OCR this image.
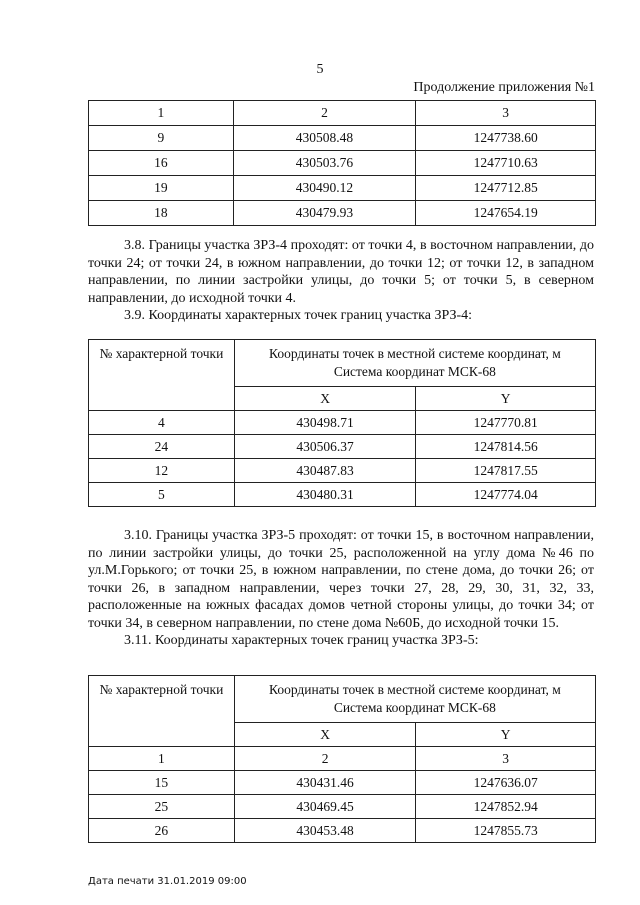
5
Продолжение приложения №1
1	2	3
9	430508.48	1247738.60
16	430503.76	1247710.63
19	430490.12	1247712.85
18	430479.93	1247654.19

3.8. Границы участка ЗРЗ-4 проходят: от точки 4, в восточном направлении, до точки 24; от точки 24, в южном направлении, до точки 12; от точки 12, в западном направлении, по линии застройки улицы, до точки 5; от точки 5, в северном направлении, до исходной точки 4.

3.9. Координаты характерных точек границ участка ЗРЗ-4:

№ характерной точки	Координаты точек в местной системе координат, м
Система координат МСК-68	

	X	Y
4	430498.71	1247770.81
24	430506.37	1247814.56
12	430487.83	1247817.55
5	430480.31	1247774.04

3.10. Границы участка ЗРЗ-5 проходят: от точки 15, в восточном направлении, по линии застройки улицы, до точки 25, расположенной на углу дома №46 по ул.М.Горького; от точки 25, в южном направлении, по стене дома, до точки 26; от точки 26, в западном направлении, через точки 27, 28, 29, 30, 31, 32, 33, расположенные на южных фасадах домов четной стороны улицы, до точки 34; от точки 34, в северном направлении, по стене дома №60Б, до исходной точки 15.

3.11. Координаты характерных точек границ участка ЗРЗ-5:

№ характерной точки	Координаты точек в местной системе координат, м
Система координат МСК-68	

	X	Y
1	2	3
15	430431.46	1247636.07
25	430469.45	1247852.94
26	430453.48	1247855.73
Дата печати 31.01.2019 09:00
